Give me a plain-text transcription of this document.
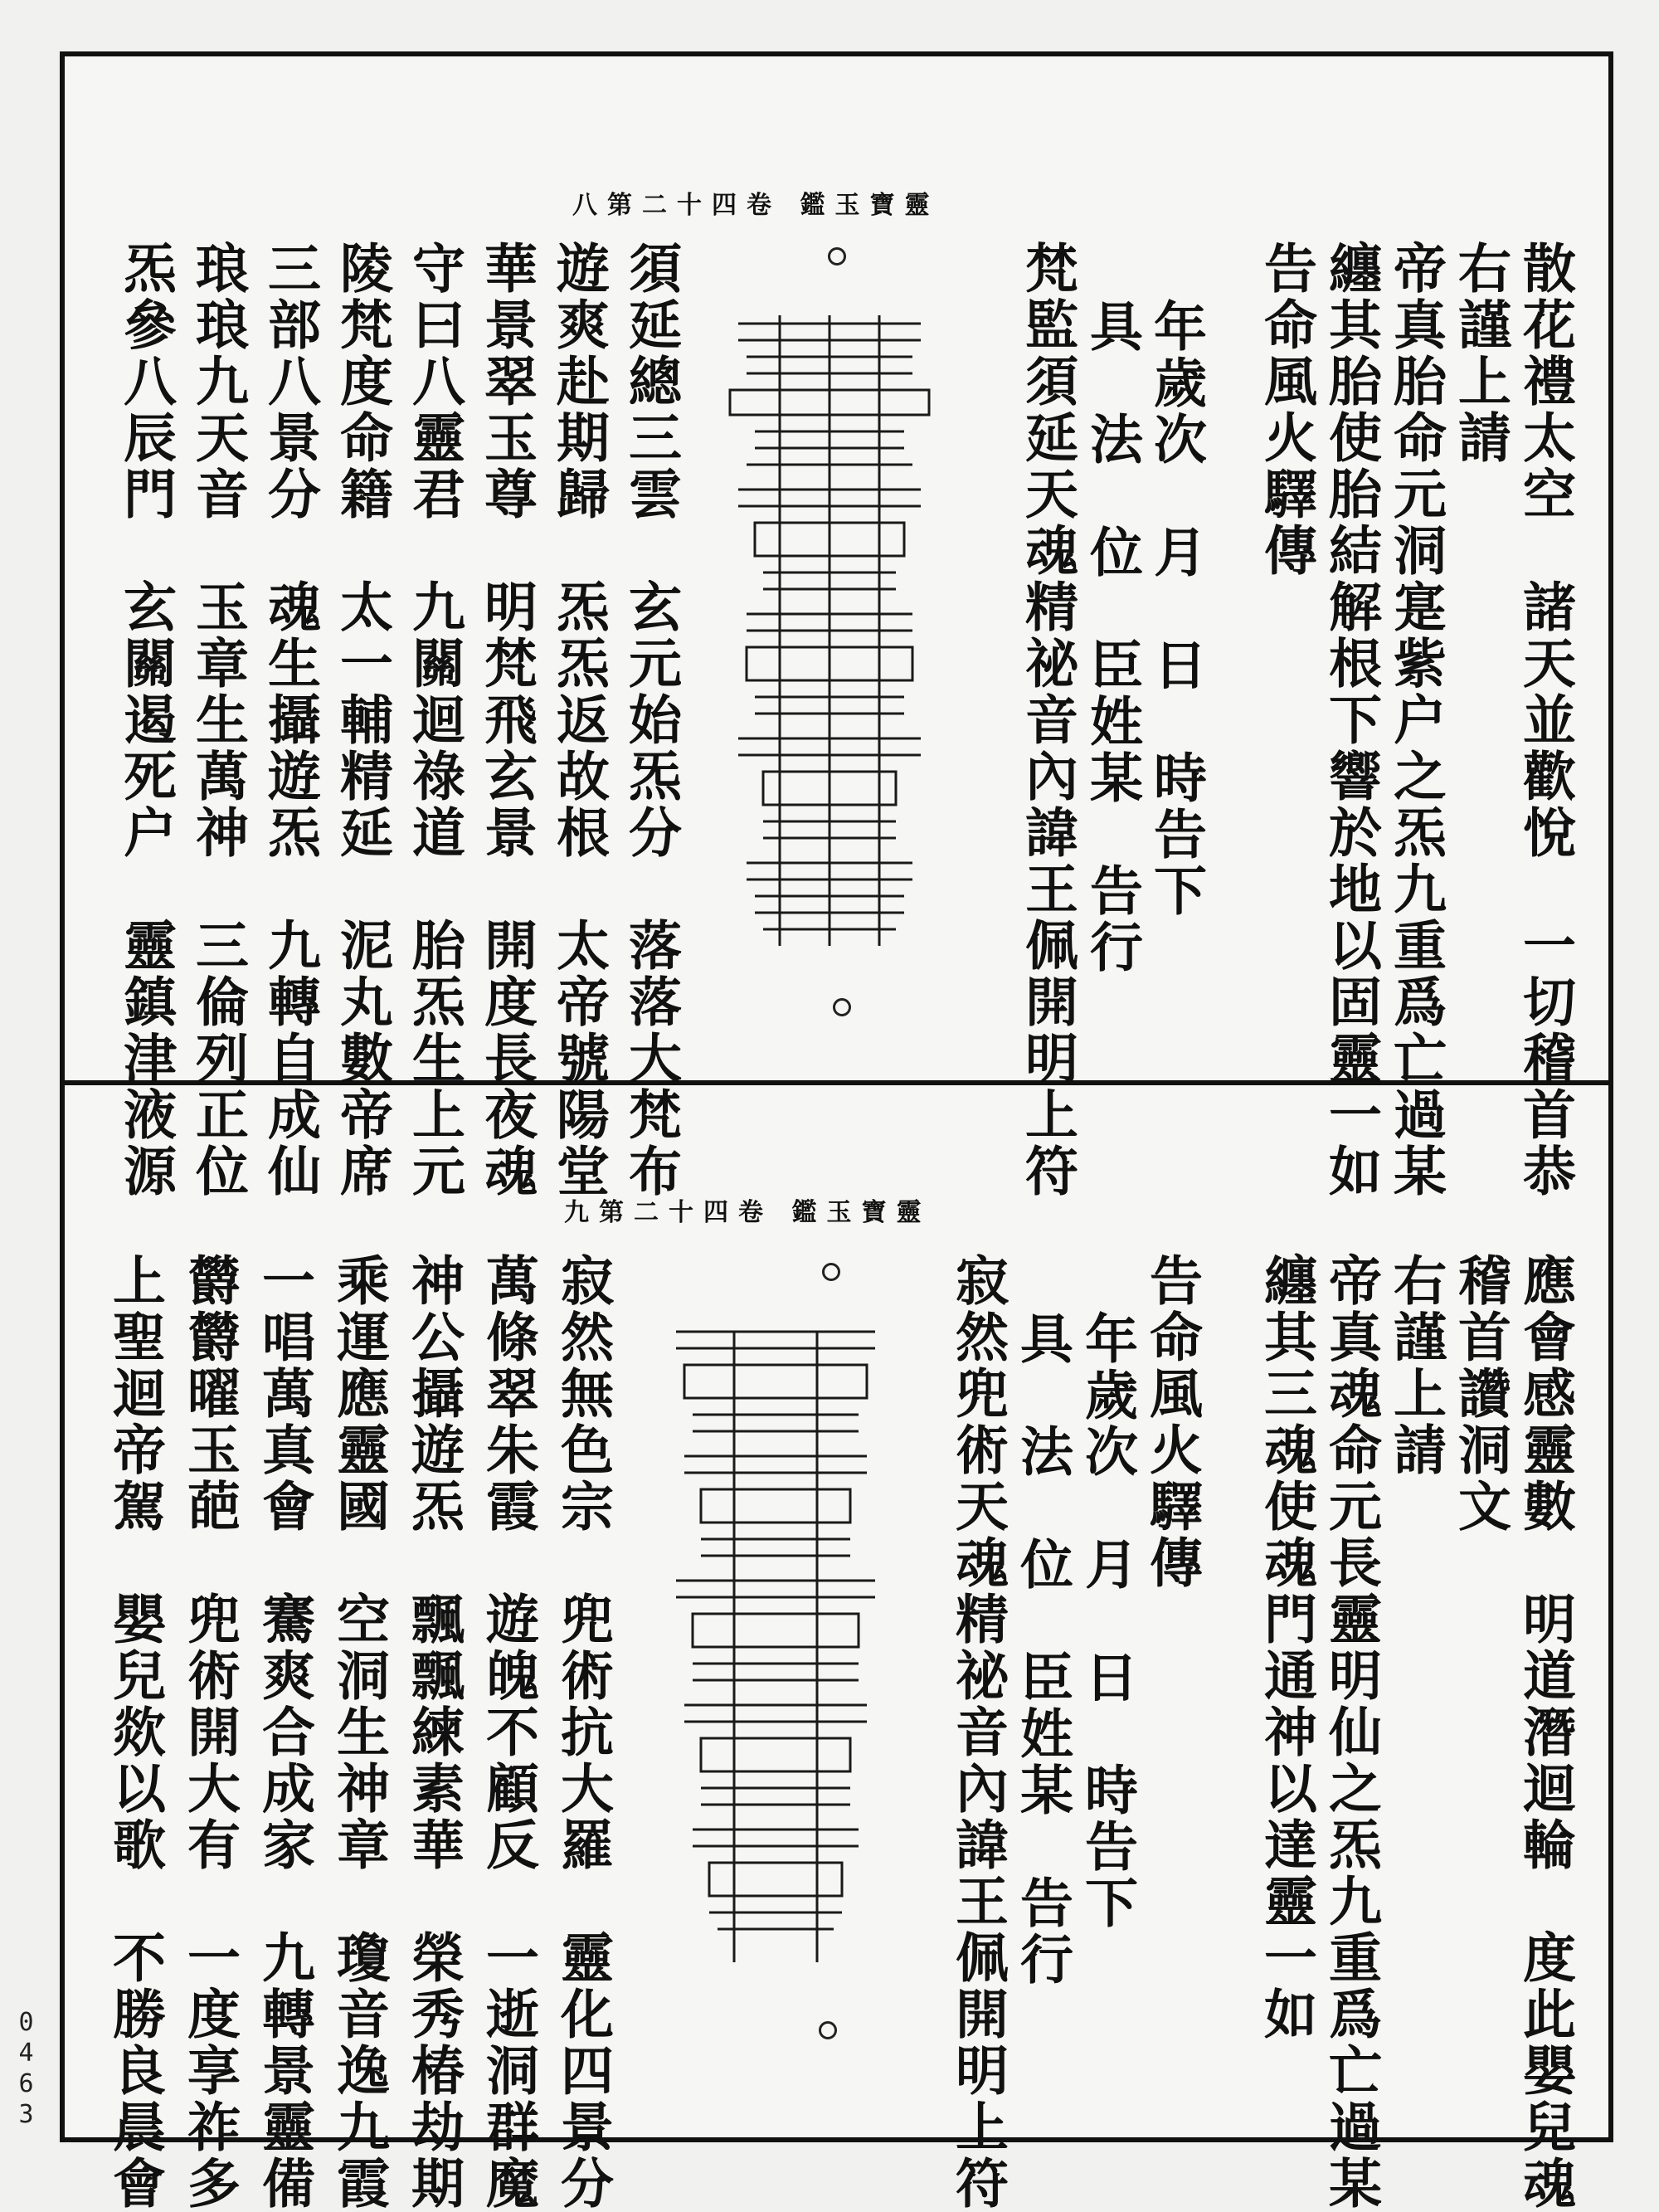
八第二十四卷 鑑玉寶靈
散花禮太空　諸天並歡悅　一切稽首恭
右謹上請
帝真胎命元洞寔紫户之炁九重爲亡過某
纏其胎使胎結解根下響於地以固靈一如
告命風火驛傳
年歲次　月　日　時告下
具　法　位　臣姓某　告行
梵監須延天魂精祕音內諱王佩開明上符
須延總三雲　玄元始炁分　落落大梵布
遊爽赴期歸　炁炁返故根　太帝號陽堂
華景翠玉尊　明梵飛玄景　開度長夜魂
守曰八靈君　九關迴祿道　胎炁生上元
陵梵度命籍　太一輔精延　泥丸數帝席
三部八景分　魂生攝遊炁　九轉自成仙
琅琅九天音　玉章生萬神　三倫列正位
炁參八辰門　玄關遏死户　靈鎮津液源
九第二十四卷 鑑玉寶靈
應會感靈數　明道潛迴輪　度此嬰兒魂
稽首讚洞文
右謹上請
帝真魂命元長靈明仙之炁九重爲亡過某
纏其三魂使魂門通神以達靈一如
告命風火驛傳
年歲次　月　日　時告下
具　法　位　臣姓某　告行
寂然兜術天魂精祕音內諱王佩開明上符
寂然無色宗　兜術抗大羅　靈化四景分
萬條翠朱霞　遊魄不顧反　一逝洞群魔
神公攝遊炁　飄飄練素華　榮秀椿劫期
乘運應靈國　空洞生神章　瓊音逸九霞
一唱萬真會　騫爽合成家　九轉景靈備
欝欝曜玉葩　兜術開大有　一度享祚多
上聖迴帝駕　嬰兒欻以歌　不勝良晨會
0463
